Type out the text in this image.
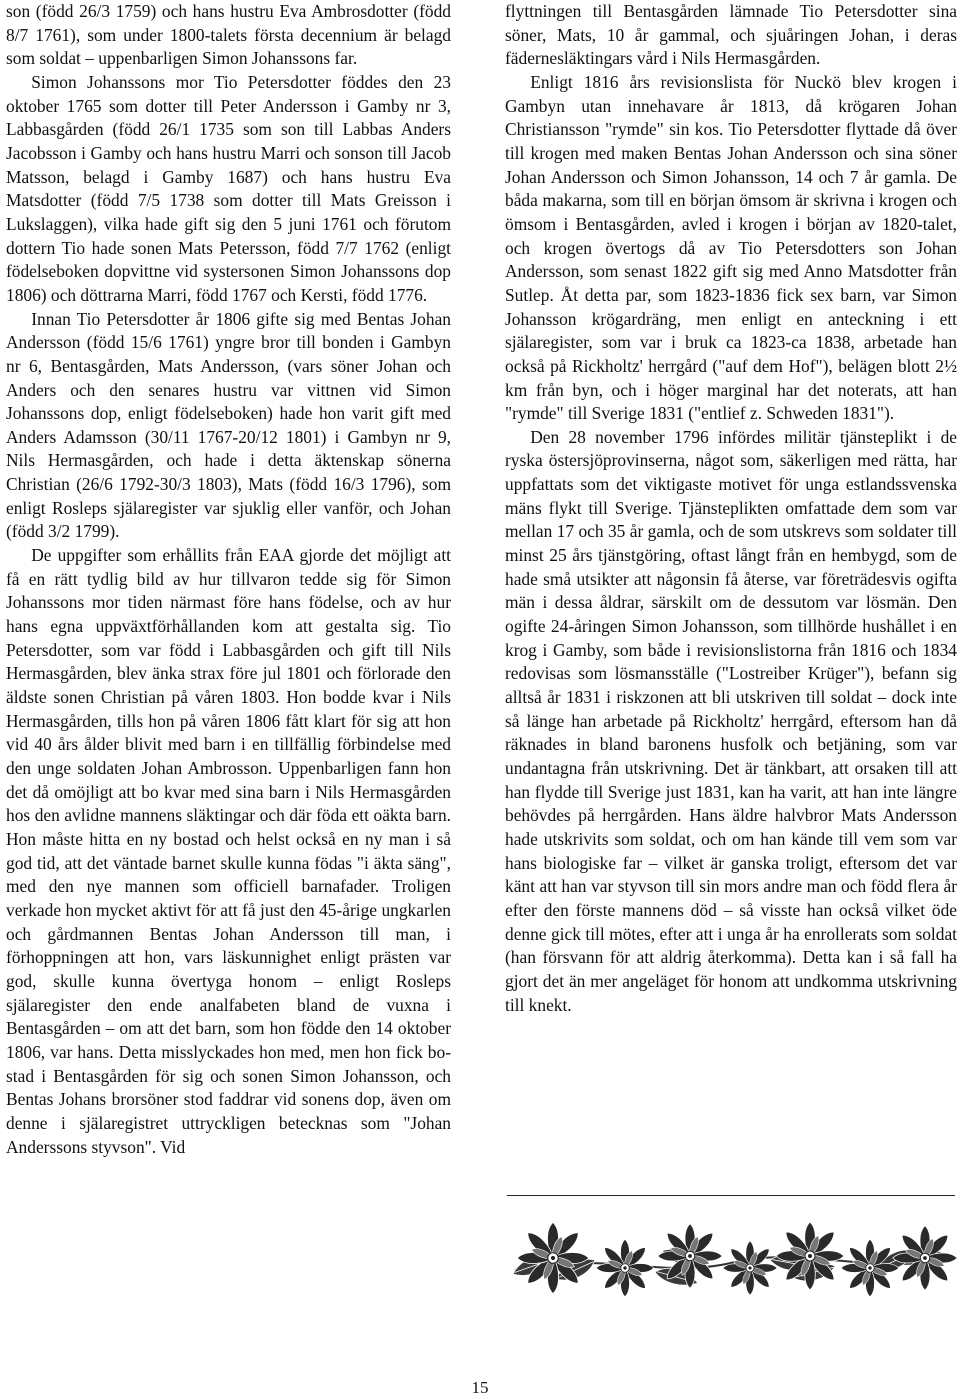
son (född 26/3 1759) och hans hustru Eva Ambrosdotter (född 8/7 1761), som under 1800-talets första decennium är belagd som soldat – uppenbarligen Simon Johanssons far.

Simon Johanssons mor Tio Petersdotter föddes den 23 oktober 1765 som dotter till Peter Andersson i Gamby nr 3, Labbasgården (född 26/1 1735 som son till Labbas Anders Jacobsson i Gamby och hans hustru Marri och sonson till Jacob Matsson, belagd i Gamby 1687) och hans hustru Eva Matsdotter (född 7/5 1738 som dotter till Mats Greisson i Lukslaggen), vilka hade gift sig den 5 juni 1761 och förutom dottern Tio hade sonen Mats Petersson, född 7/7 1762 (enligt födelseboken dopvittne vid systersonen Simon Johanssons dop 1806) och döttrarna Marri, född 1767 och Kersti, född 1776.

Innan Tio Petersdotter år 1806 gifte sig med Bentas Johan Andersson (född 15/6 1761) yngre bror till bonden i Gambyn nr 6, Bentasgården, Mats Andersson, (vars söner Johan och Anders och den senares hustru var vittnen vid Simon Johanssons dop, enligt födelseboken) hade hon varit gift med Anders Adamsson (30/11 1767-20/12 1801) i Gambyn nr 9, Nils Hermasgården, och hade i detta äktenskap sönerna Christian (26/6 1792-30/3 1803), Mats (född 16/3 1796), som enligt Rosleps själaregister var sjuklig eller vanför, och Johan (född 3/2 1799).

De uppgifter som erhållits från EAA gjorde det möjligt att få en rätt tydlig bild av hur tillvaron tedde sig för Simon Johanssons mor tiden närmast före hans födelse, och av hur hans egna uppväxtförhållanden kom att gestalta sig. Tio Petersdotter, som var född i Labbasgården och gift till Nils Hermasgården, blev änka strax före jul 1801 och förlorade den äldste sonen Christian på våren 1803. Hon bodde kvar i Nils Hermasgården, tills hon på våren 1806 fått klart för sig att hon vid 40 års ålder blivit med barn i en tillfällig förbindelse med den unge soldaten Johan Ambrosson. Uppenbarligen fann hon det då omöjligt att bo kvar med sina barn i Nils Hermasgården hos den avlidne mannens släktingar och där föda ett oäkta barn. Hon måste hitta en ny bostad och helst också en ny man i så god tid, att det väntade barnet skulle kunna födas "i äkta säng", med den nye mannen som officiell barnafader. Troligen verkade hon mycket aktivt för att få just den 45-årige ungkarlen och gårdmannen Bentas Johan Andersson till man, i förhoppningen att hon, vars läskunnighet enligt prästen var god, skulle kunna övertyga honom – enligt Rosleps själaregister den ende analfabeten bland de vuxna i Bentasgården – om att det barn, som hon födde den 14 oktober 1806, var hans. Detta misslyckades hon med, men hon fick bostad i Bentasgården för sig och sonen Simon Johansson, och Bentas Johans brorsöner stod faddrar vid sonens dop, även om denne i själaregistret uttryckligen betecknas som "Johan Anderssons styvson". Vid

flyttningen till Bentasgården lämnade Tio Petersdotter sina söner, Mats, 10 år gammal, och sjuåringen Johan, i deras fädernesläktingars vård i Nils Hermasgården.

Enligt 1816 års revisionslista för Nuckö blev krogen i Gambyn utan innehavare år 1813, då krögaren Johan Christiansson "rymde" sin kos. Tio Petersdotter flyttade då över till krogen med maken Bentas Johan Andersson och sina söner Johan Andersson och Simon Johansson, 14 och 7 år gamla. De båda makarna, som till en början ömsom är skrivna i krogen och ömsom i Bentasgården, avled i krogen i början av 1820-talet, och krogen övertogs då av Tio Petersdotters son Johan Andersson, som senast 1822 gift sig med Anno Matsdotter från Sutlep. Åt detta par, som 1823-1836 fick sex barn, var Simon Johansson krögardräng, men enligt en anteckning i ett själaregister, som var i bruk ca 1823-ca 1838, arbetade han också på Rickholtz' herrgård ("auf dem Hof"), belägen blott 2½ km från byn, och i höger marginal har det noterats, att han "rymde" till Sverige 1831 ("entlief z. Schweden 1831").

Den 28 november 1796 infördes militär tjänsteplikt i de ryska östersjöprovinserna, något som, säkerligen med rätta, har uppfattats som det viktigaste motivet för unga estlandssvenska mäns flykt till Sverige. Tjänsteplikten omfattade dem som var mellan 17 och 35 år gamla, och de som utskrevs som soldater till minst 25 års tjänstgöring, oftast långt från en hembygd, som de hade små utsikter att någonsin få återse, var företrädesvis ogifta män i dessa åldrar, särskilt om de dessutom var lösmän. Den ogifte 24-åringen Simon Johansson, som tillhörde hushållet i en krog i Gamby, som både i revisionslistorna från 1816 och 1834 redovisas som lösmansställe ("Lostreiber Krüger"), befann sig alltså år 1831 i riskzonen att bli utskriven till soldat – dock inte så länge han arbetade på Rickholtz' herrgård, eftersom han då räknades in bland baronens husfolk och betjäning, som var undantagna från utskrivning. Det är tänkbart, att orsaken till att han flydde till Sverige just 1831, kan ha varit, att han inte längre behövdes på herrgården. Hans äldre halvbror Mats Andersson hade utskrivits som soldat, och om han kände till vem som var hans biologiske far – vilket är ganska troligt, eftersom det var känt att han var styvson till sin mors andre man och född flera år efter den förste mannens död – så visste han också vilket öde denne gick till mötes, efter att i unga år ha enrollerats som soldat (han försvann för att aldrig återkomma). Detta kan i så fall ha gjort det än mer angeläget för honom att undkomma utskrivning till knekt.

15
